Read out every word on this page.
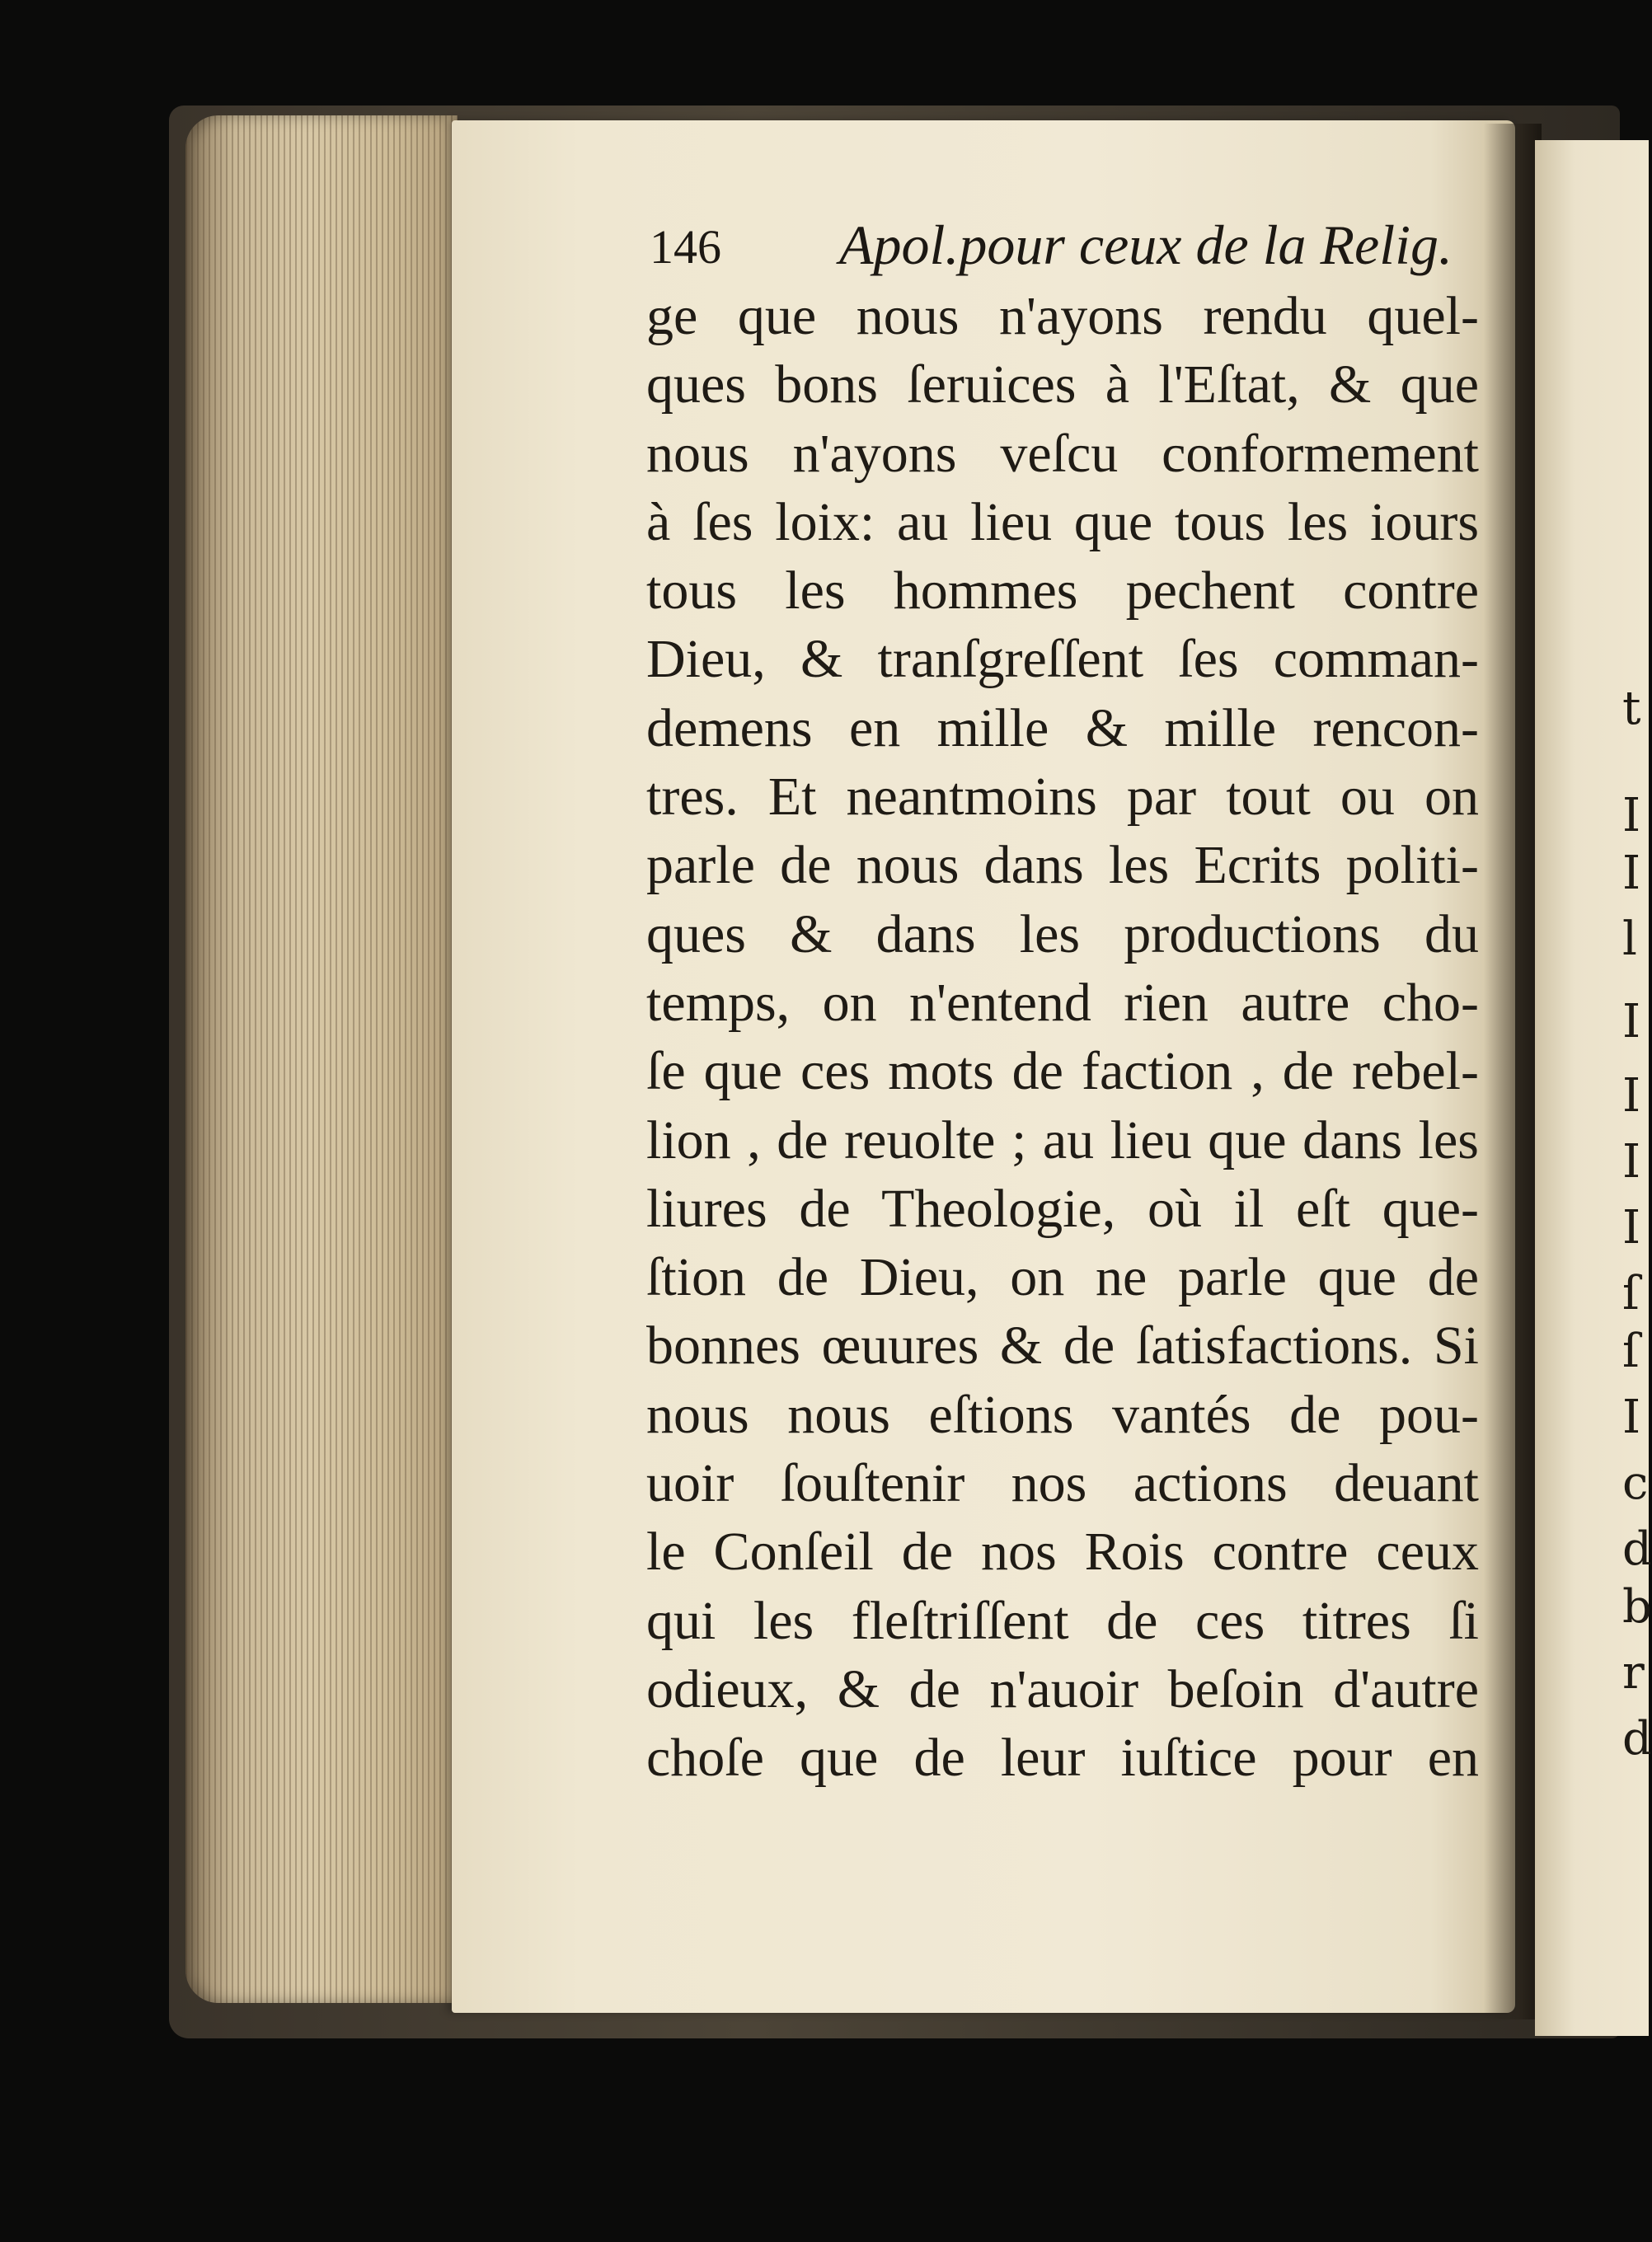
t
I
I
l
I
I
I
I
ſ
ſ
I
c
d
b
r
d
146 Apol.pour ceux de la Relig.
ge que nous n'ayons rendu quel-
ques bons ſeruices à l'Eſtat, & que
nous n'ayons veſcu conformement
à ſes loix: au lieu que tous les iours
tous les hommes pechent contre
Dieu, & tranſgreſſent ſes comman-
demens en mille & mille rencon-
tres. Et neantmoins par tout ou on
parle de nous dans les Ecrits politi-
ques & dans les productions du
temps, on n'entend rien autre cho-
ſe que ces mots de faction , de rebel-
lion , de reuolte ; au lieu que dans les
liures de Theologie, où il eſt que-
ſtion de Dieu, on ne parle que de
bonnes œuures & de ſatisfactions. Si
nous nous eſtions vantés de pou-
uoir ſouſtenir nos actions deuant
le Conſeil de nos Rois contre ceux
qui les fleſtriſſent de ces titres ſi
odieux, & de n'auoir beſoin d'autre
choſe que de leur iuſtice pour en
